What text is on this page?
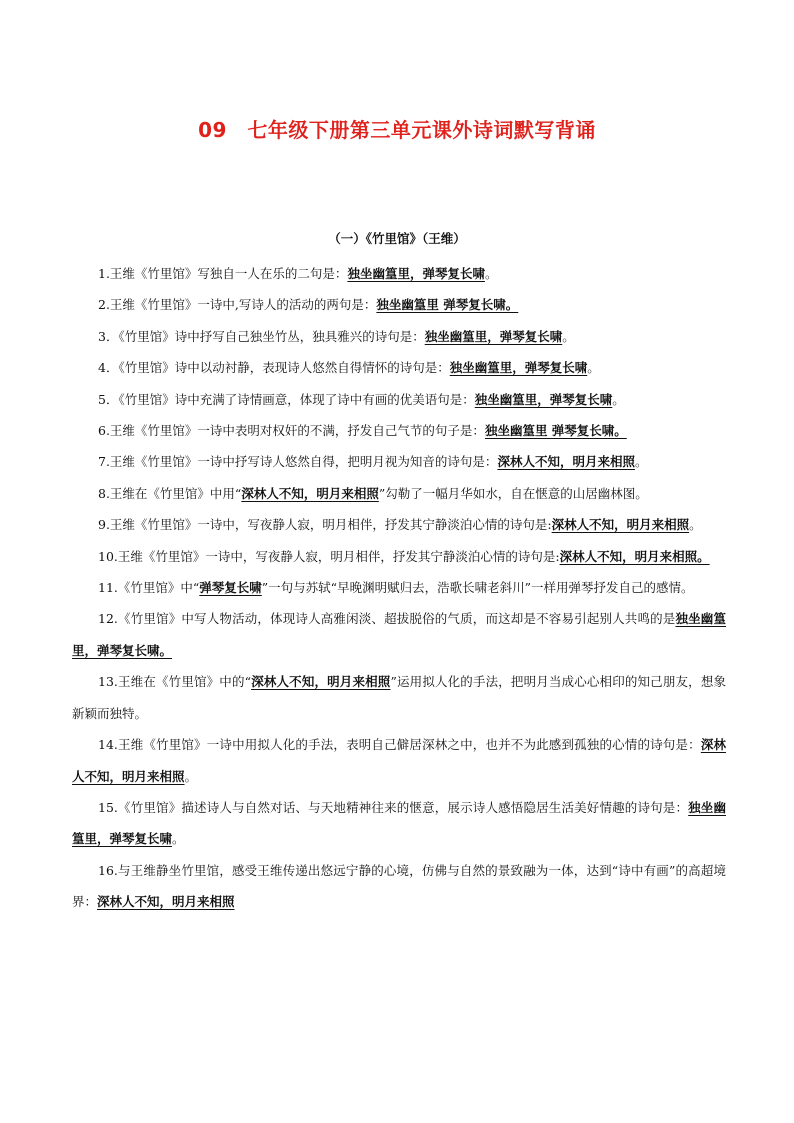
09　七年级下册第三单元课外诗词默写背诵
（一）《竹里馆》（王维）

1.王维《竹里馆》写独自一人在乐的二句是：独坐幽篁里，弹琴复长啸。

2.王维《竹里馆》一诗中,写诗人的活动的两句是：独坐幽篁里 弹琴复长啸。

3．《竹里馆》诗中抒写自己独坐竹丛，独具雅兴的诗句是：独坐幽篁里，弹琴复长啸。

4．《竹里馆》诗中以动衬静，表现诗人悠然自得情怀的诗句是：独坐幽篁里，弹琴复长啸。

5．《竹里馆》诗中充满了诗情画意，体现了诗中有画的优美语句是：独坐幽篁里，弹琴复长啸。

6.王维《竹里馆》一诗中表明对权奸的不满，抒发自己气节的句子是：独坐幽篁里 弹琴复长啸。

7.王维《竹里馆》一诗中抒写诗人悠然自得，把明月视为知音的诗句是：深林人不知，明月来相照。

8.王维在《竹里馆》中用“深林人不知，明月来相照”勾勒了一幅月华如水，自在惬意的山居幽林图。

9.王维《竹里馆》一诗中，写夜静人寂，明月相伴，抒发其宁静淡泊心情的诗句是:深林人不知，明月来相照。

10.王维《竹里馆》一诗中，写夜静人寂，明月相伴，抒发其宁静淡泊心情的诗句是:深林人不知，明月来相照。

11.《竹里馆》中“弹琴复长啸”一句与苏轼“早晚渊明赋归去，浩歌长啸老斜川”一样用弹琴抒发自己的感情。

12.《竹里馆》中写人物活动，体现诗人高雅闲淡、超拔脱俗的气质，而这却是不容易引起别人共鸣的是独坐幽篁里，弹琴复长啸。

13.王维在《竹里馆》中的“深林人不知，明月来相照”运用拟人化的手法，把明月当成心心相印的知己朋友，想象新颖而独特。

14.王维《竹里馆》一诗中用拟人化的手法，表明自己僻居深林之中，也并不为此感到孤独的心情的诗句是：深林人不知，明月来相照。

15.《竹里馆》描述诗人与自然对话、与天地精神往来的惬意，展示诗人感悟隐居生活美好情趣的诗句是：独坐幽篁里，弹琴复长啸。

16.与王维静坐竹里馆，感受王维传递出悠远宁静的心境，仿佛与自然的景致融为一体，达到“诗中有画”的高超境界：深林人不知，明月来相照
